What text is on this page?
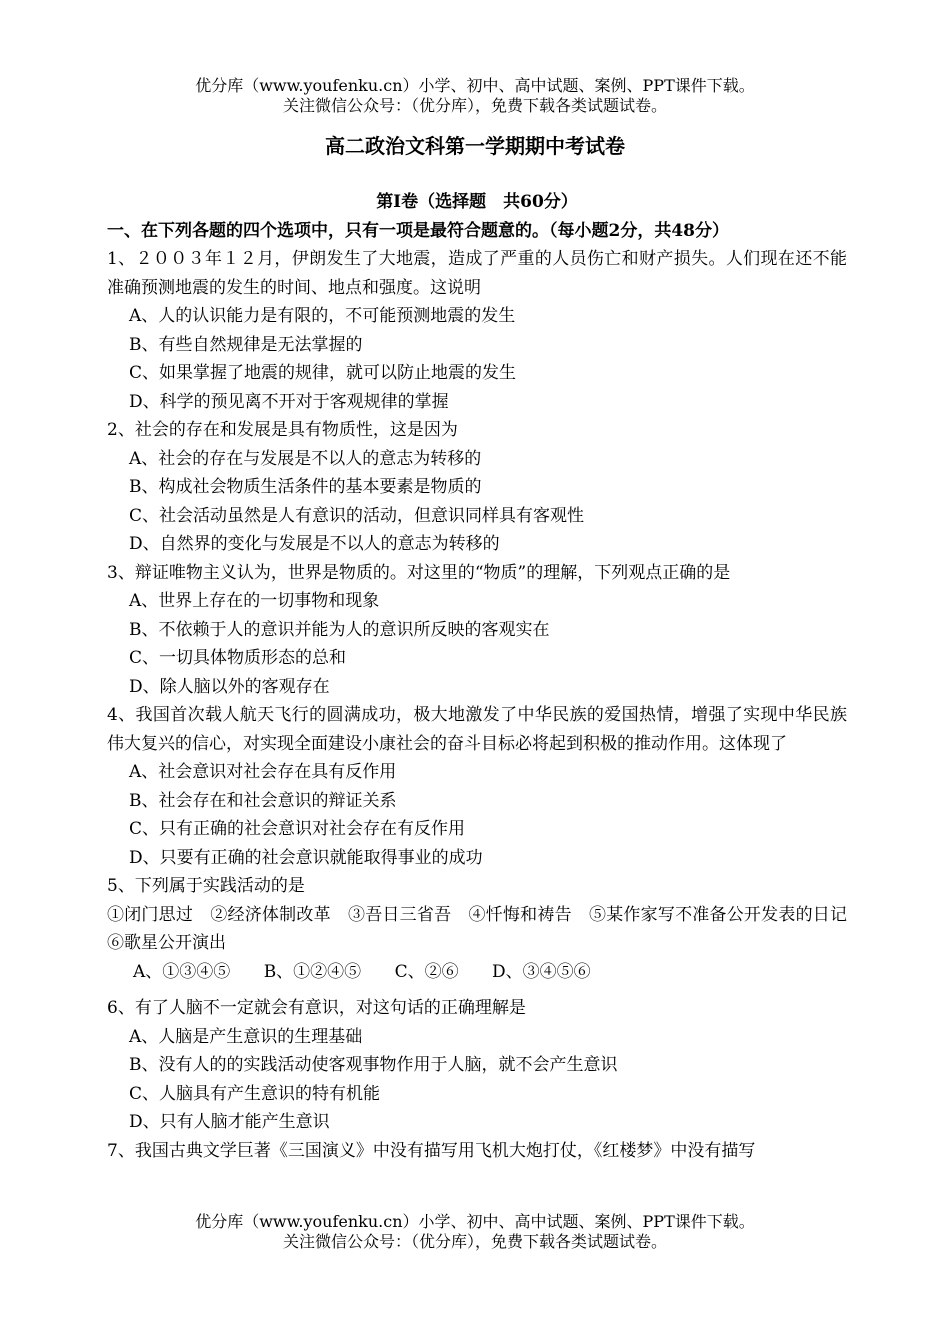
优分库（www.youfenku.cn）小学、初中、高中试题、案例、PPT课件下载。
关注微信公众号：（优分库），免费下载各类试题试卷。
高二政治文科第一学期期中考试卷
第Ⅰ卷（选择题　共60分）
一、在下列各题的四个选项中，只有一项是最符合题意的。（每小题2分，共48分）
1、２００３年１２月，伊朗发生了大地震，造成了严重的人员伤亡和财产损失。人们现在还不能准确预测地震的发生的时间、地点和强度。这说明
A、人的认识能力是有限的，不可能预测地震的发生
B、有些自然规律是无法掌握的
C、如果掌握了地震的规律，就可以防止地震的发生
D、科学的预见离不开对于客观规律的掌握
2、社会的存在和发展是具有物质性，这是因为
A、社会的存在与发展是不以人的意志为转移的
B、构成社会物质生活条件的基本要素是物质的
C、社会活动虽然是人有意识的活动，但意识同样具有客观性
D、自然界的变化与发展是不以人的意志为转移的
3、辩证唯物主义认为，世界是物质的。对这里的“物质”的理解，下列观点正确的是
A、世界上存在的一切事物和现象
B、不依赖于人的意识并能为人的意识所反映的客观实在
C、一切具体物质形态的总和
D、除人脑以外的客观存在
4、我国首次载人航天飞行的圆满成功，极大地激发了中华民族的爱国热情，增强了实现中华民族伟大复兴的信心，对实现全面建设小康社会的奋斗目标必将起到积极的推动作用。这体现了
A、社会意识对社会存在具有反作用
B、社会存在和社会意识的辩证关系
C、只有正确的社会意识对社会存在有反作用
D、只要有正确的社会意识就能取得事业的成功
5、下列属于实践活动的是
①闭门思过　②经济体制改革　③吾日三省吾　④忏悔和祷告　⑤某作家写不准备公开发表的日记　⑥歌星公开演出
A、①③④⑤ B、①②④⑤ C、②⑥ D、③④⑤⑥
6、有了人脑不一定就会有意识，对这句话的正确理解是
A、人脑是产生意识的生理基础
B、没有人的的实践活动使客观事物作用于人脑，就不会产生意识
C、人脑具有产生意识的特有机能
D、只有人脑才能产生意识
7、我国古典文学巨著《三国演义》中没有描写用飞机大炮打仗，《红楼梦》中没有描写
优分库（www.youfenku.cn）小学、初中、高中试题、案例、PPT课件下载。
关注微信公众号：（优分库），免费下载各类试题试卷。
